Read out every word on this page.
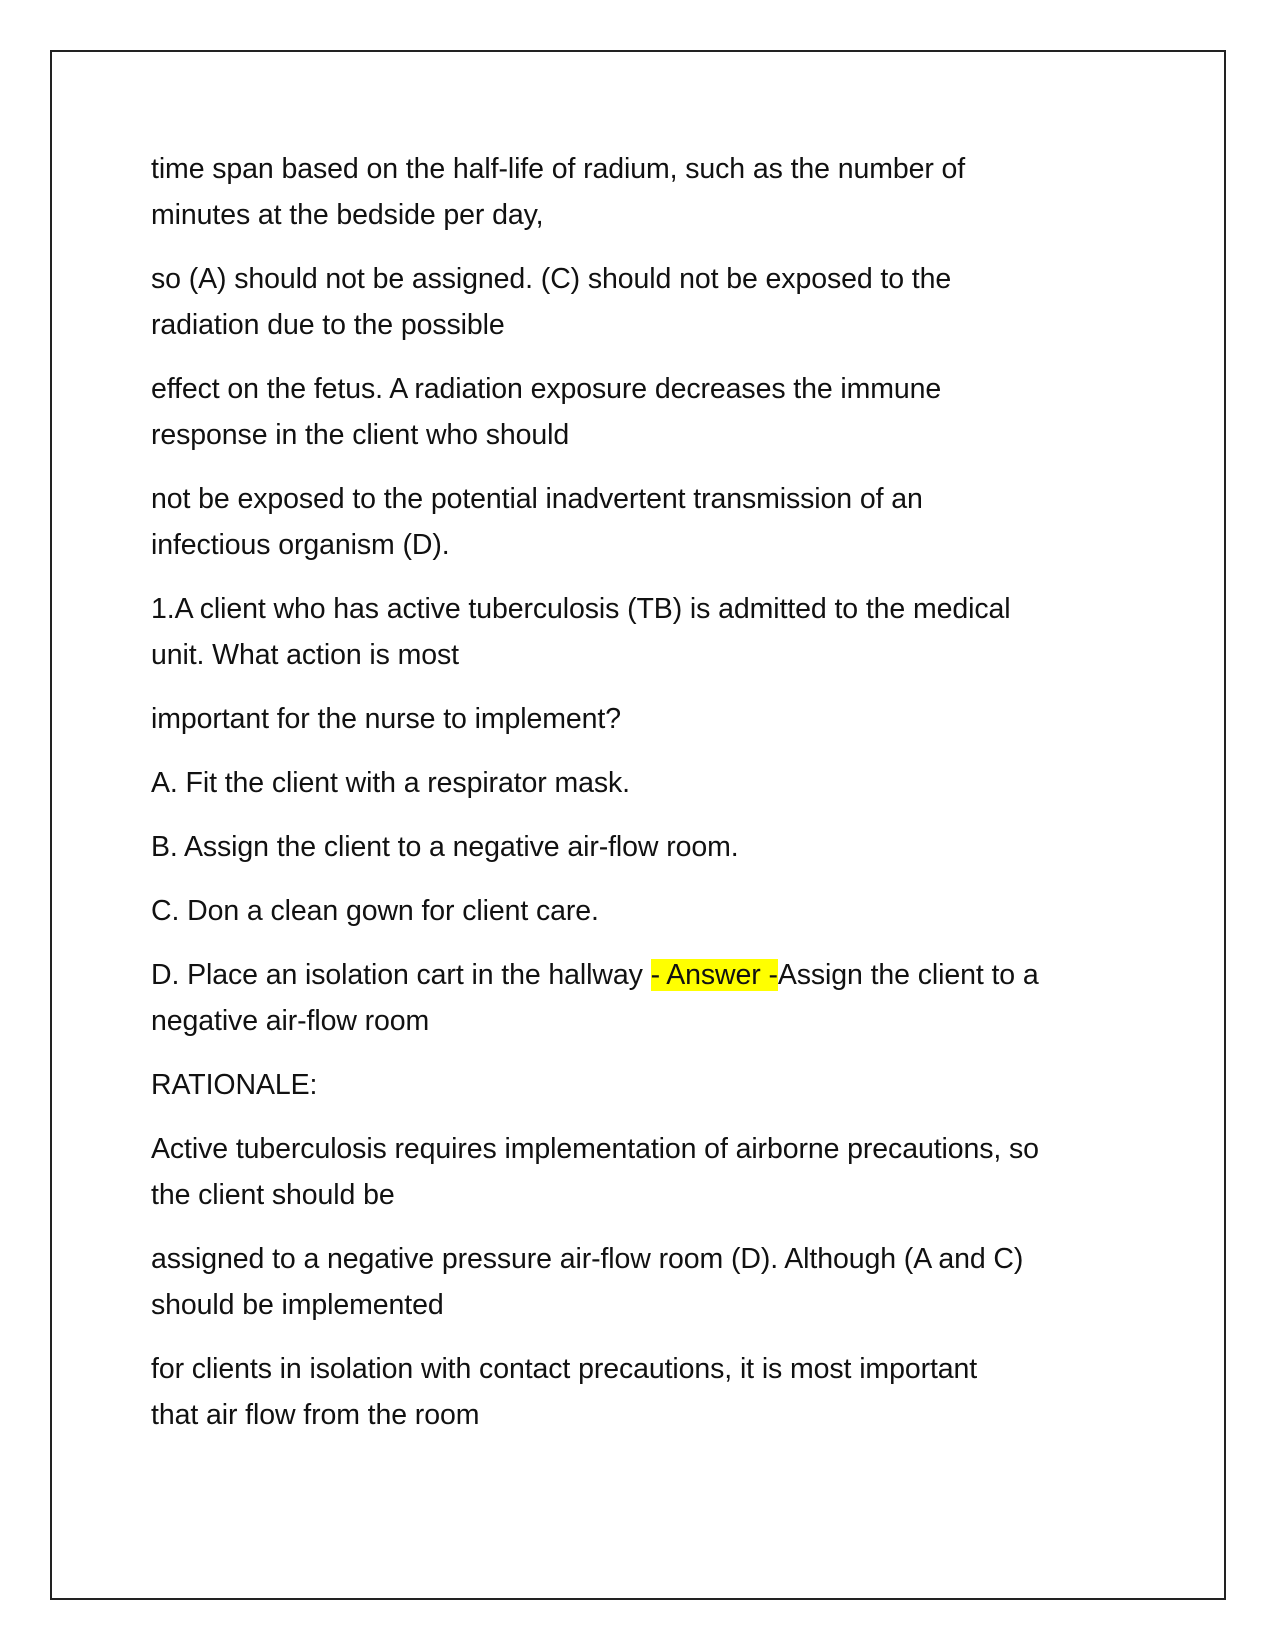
time span based on the half-life of radium, such as the number of
minutes at the bedside per day,

so (A) should not be assigned. (C) should not be exposed to the
radiation due to the possible

effect on the fetus. A radiation exposure decreases the immune
response in the client who should

not be exposed to the potential inadvertent transmission of an
infectious organism (D).

1.A client who has active tuberculosis (TB) is admitted to the medical
unit. What action is most

important for the nurse to implement?

A. Fit the client with a respirator mask.

B. Assign the client to a negative air-flow room.

C. Don a clean gown for client care.

D. Place an isolation cart in the hallway - Answer -Assign the client to a
negative air-flow room

RATIONALE:

Active tuberculosis requires implementation of airborne precautions, so
the client should be

assigned to a negative pressure air-flow room (D). Although (A and C)
should be implemented

for clients in isolation with contact precautions, it is most important
that air flow from the room
